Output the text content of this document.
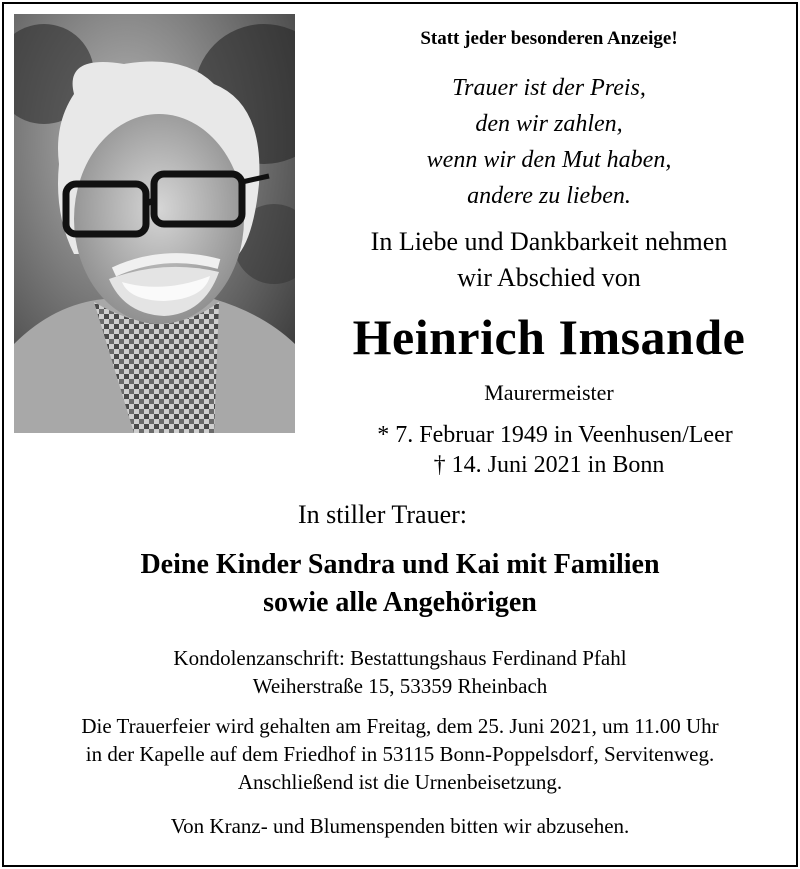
Statt jeder besonderen Anzeige!
Trauer ist der Preis,
den wir zahlen,
wenn wir den Mut haben,
andere zu lieben.
In Liebe und Dankbarkeit nehmen
wir Abschied von
Heinrich Imsande
Maurermeister
* 7. Februar 1949 in Veenhusen/Leer
† 14. Juni 2021 in Bonn
In stiller Trauer:
Deine Kinder Sandra und Kai mit Familien
sowie alle Angehörigen
Kondolenzanschrift: Bestattungshaus Ferdinand Pfahl
Weiherstraße 15, 53359 Rheinbach
Die Trauerfeier wird gehalten am Freitag, dem 25. Juni 2021, um 11.00 Uhr
in der Kapelle auf dem Friedhof in 53115 Bonn-Poppelsdorf, Servitenweg.
Anschließend ist die Urnenbeisetzung.
Von Kranz- und Blumenspenden bitten wir abzusehen.
